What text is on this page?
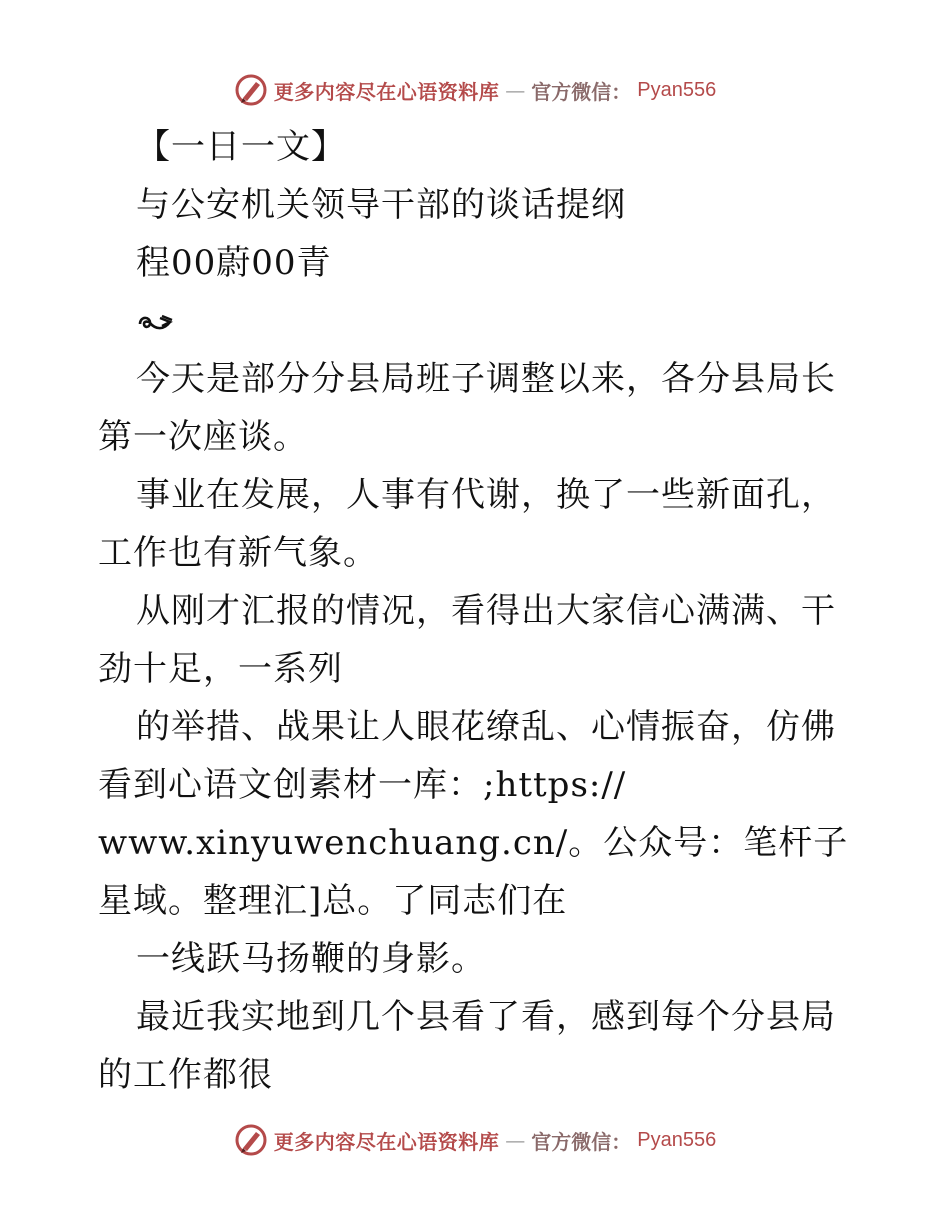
更多内容尽在心语资料库 — 官方微信： Pyan556

【一日一文】

与公安机关领导干部的谈话提纲

程00蔚00青

今天是部分分县局班子调整以来，各分县局长第一次座谈。

事业在发展，人事有代谢，换了一些新面孔，工作也有新气象。

从刚才汇报的情况，看得出大家信心满满、干劲十足，一系列

的举措、战果让人眼花缭乱、心情振奋，仿佛看到心语文创素材一库：;https://

www.xinyuwenchuang.cn/。公众号：笔杆子星域。整理汇]总。了同志们在

一线跃马扬鞭的身影。

最近我实地到几个县看了看，感到每个分县局的工作都很

更多内容尽在心语资料库 — 官方微信： Pyan556
